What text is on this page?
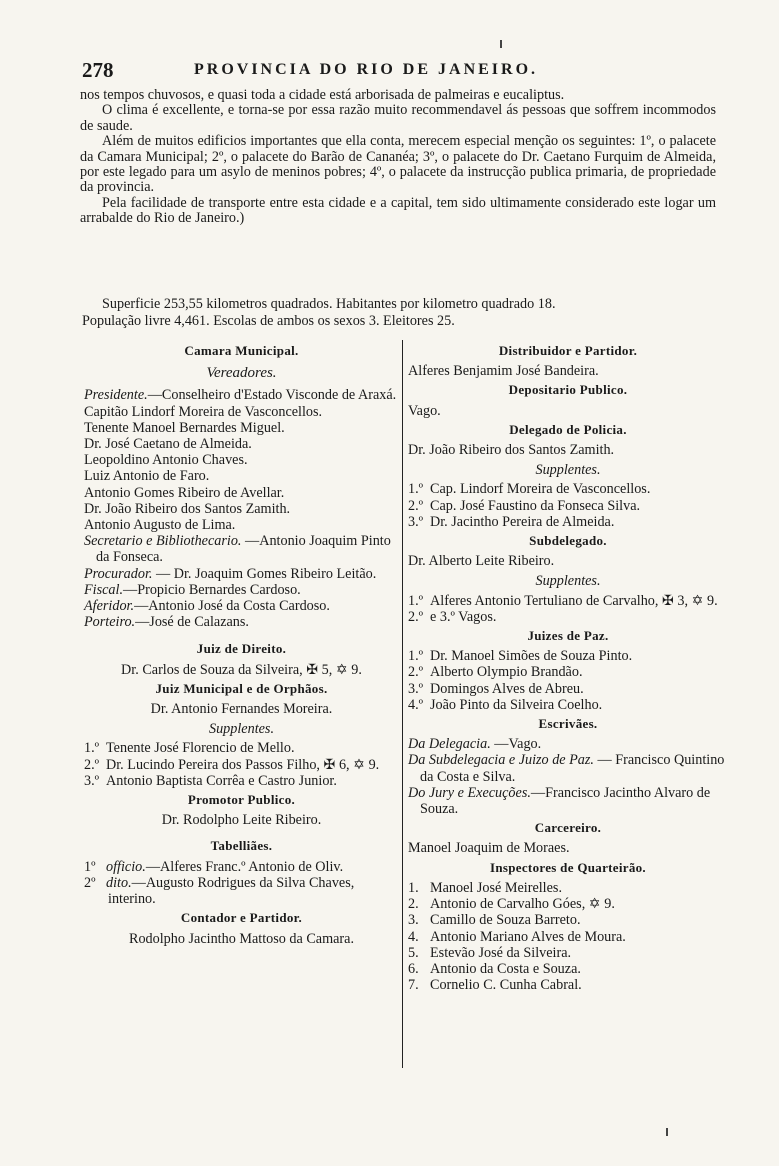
278	PROVINCIA DO RIO DE JANEIRO.

nos tempos chuvosos, e quasi toda a cidade está arborisada de palmeiras e eucaliptus.

O clima é excellente, e torna-se por essa razão muito recommendavel ás pessoas que soffrem incommodos de saude.

Além de muitos edificios importantes que ella conta, merecem especial menção os seguintes: 1º, o palacete da Camara Municipal; 2º, o palacete do Barão de Cananéa; 3º, o palacete do Dr. Caetano Furquim de Almeida, por este legado para um asylo de meninos pobres; 4º, o palacete da instrucção publica primaria, de propriedade da provincia.

Pela facilidade de transporte entre esta cidade e a capital, tem sido ultimamente considerado este logar um arrabalde do Rio de Janeiro.)

Superficie 253,55 kilometros quadrados. Habitantes por kilometro quadrado 18.

População livre 4,461. Escolas de ambos os sexos 3. Eleitores 25.

Camara Municipal.
Vereadores.

Presidente.—Conselheiro d'Estado Visconde de Araxá.

Capitão Lindorf Moreira de Vasconcellos.

Tenente Manoel Bernardes Miguel.

Dr. José Caetano de Almeida.

Leopoldino Antonio Chaves.

Luiz Antonio de Faro.

Antonio Gomes Ribeiro de Avellar.

Dr. João Ribeiro dos Santos Zamith.

Antonio Augusto de Lima.

Secretario e Bibliothecario. —Antonio Joaquim Pinto da Fonseca.

Procurador. — Dr. Joaquim Gomes Ribeiro Leitão.

Fiscal.—Propicio Bernardes Cardoso.

Aferidor.—Antonio José da Costa Cardoso.

Porteiro.—José de Calazans.

Juiz de Direito.
Dr. Carlos de Souza da Silveira, ✠ 5, ✡ 9.
Juiz Municipal e de Orphãos.
Dr. Antonio Fernandes Moreira.
Supplentes.

1.º Tenente José Florencio de Mello.

2.º Dr. Lucindo Pereira dos Passos Filho, ✠ 6, ✡ 9.

3.º Antonio Baptista Corrêa e Castro Junior.

Promotor Publico.
Dr. Rodolpho Leite Ribeiro.
Tabelliães.

1º officio.—Alferes Franc.º Antonio de Oliv.

2º dito.—Augusto Rodrigues da Silva Chaves, interino.

Contador e Partidor.
Rodolpho Jacintho Mattoso da Camara.
Distribuidor e Partidor.

Alferes Benjamim José Bandeira.

Depositario Publico.

Vago.

Delegado de Policia.

Dr. João Ribeiro dos Santos Zamith.

Supplentes.

1.º Cap. Lindorf Moreira de Vasconcellos.

2.º Cap. José Faustino da Fonseca Silva.

3.º Dr. Jacintho Pereira de Almeida.

Subdelegado.

Dr. Alberto Leite Ribeiro.

Supplentes.

1.º Alferes Antonio Tertuliano de Carvalho, ✠ 3, ✡ 9.

2.º e 3.º Vagos.

Juizes de Paz.

1.º Dr. Manoel Simões de Souza Pinto.

2.º Alberto Olympio Brandão.

3.º Domingos Alves de Abreu.

4.º João Pinto da Silveira Coelho.

Escrivães.

Da Delegacia. —Vago.

Da Subdelegacia e Juizo de Paz. — Francisco Quintino da Costa e Silva.

Do Jury e Execuções.—Francisco Jacintho Alvaro de Souza.

Carcereiro.

Manoel Joaquim de Moraes.

Inspectores de Quarteirão.

1. Manoel José Meirelles.

2. Antonio de Carvalho Góes, ✡ 9.

3. Camillo de Souza Barreto.

4. Antonio Mariano Alves de Moura.

5. Estevão José da Silveira.

6. Antonio da Costa e Souza.

7. Cornelio C. Cunha Cabral.
